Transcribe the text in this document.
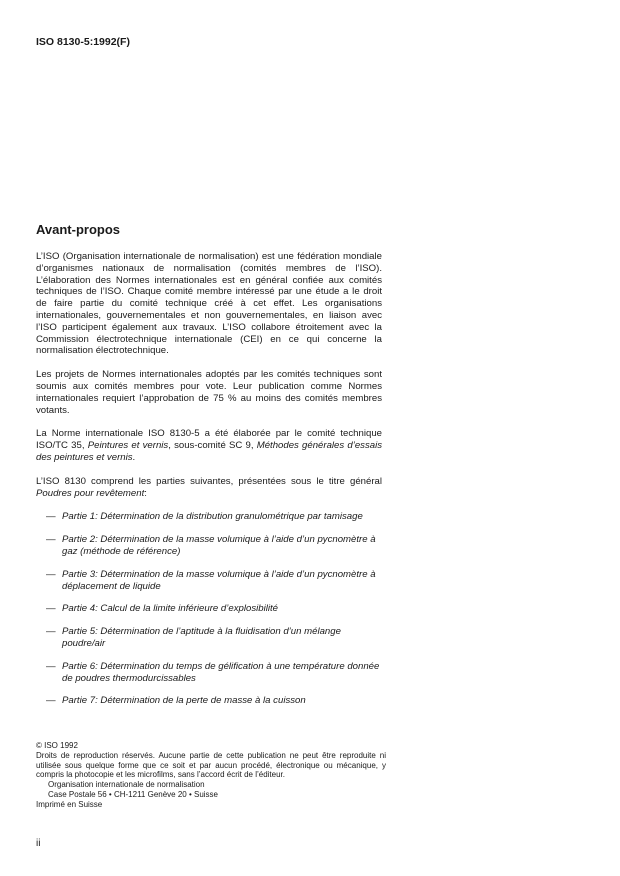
ISO 8130-5:1992(F)
Avant-propos

L’ISO (Organisation internationale de normalisation) est une fédération mondiale d’organismes nationaux de normalisation (comités membres de l’ISO). L’élaboration des Normes internationales est en général confiée aux comités techniques de l’ISO. Chaque comité membre intéressé par une étude a le droit de faire partie du comité technique créé à cet effet. Les organisations internationales, gouvernementales et non gouvernementales, en liaison avec l’ISO participent également aux travaux. L’ISO collabore étroitement avec la Commission électrotechnique internationale (CEI) en ce qui concerne la normalisation électrotechnique.

Les projets de Normes internationales adoptés par les comités techniques sont soumis aux comités membres pour vote. Leur publication comme Normes internationales requiert l’approbation de 75 % au moins des comités membres votants.

La Norme internationale ISO 8130-5 a été élaborée par le comité technique ISO/TC 35, Peintures et vernis, sous-comité SC 9, Méthodes générales d’essais des peintures et vernis.

L’ISO 8130 comprend les parties suivantes, présentées sous le titre général Poudres pour revêtement:

— Partie 1: Détermination de la distribution granulométrique par tamisage
— Partie 2: Détermination de la masse volumique à l’aide d’un pycnomètre à gaz (méthode de référence)
— Partie 3: Détermination de la masse volumique à l’aide d’un pycnomètre à déplacement de liquide
— Partie 4: Calcul de la limite inférieure d’explosibilité
— Partie 5: Détermination de l’aptitude à la fluidisation d’un mélange poudre/air
— Partie 6: Détermination du temps de gélification à une température donnée de poudres thermodurcissables
— Partie 7: Détermination de la perte de masse à la cuisson
© ISO 1992
Droits de reproduction réservés. Aucune partie de cette publication ne peut être reproduite ni utilisée sous quelque forme que ce soit et par aucun procédé, électronique ou mécanique, y compris la photocopie et les microfilms, sans l’accord écrit de l’éditeur.
Organisation internationale de normalisation
Case Postale 56 • CH-1211 Genève 20 • Suisse
Imprimé en Suisse
ii
